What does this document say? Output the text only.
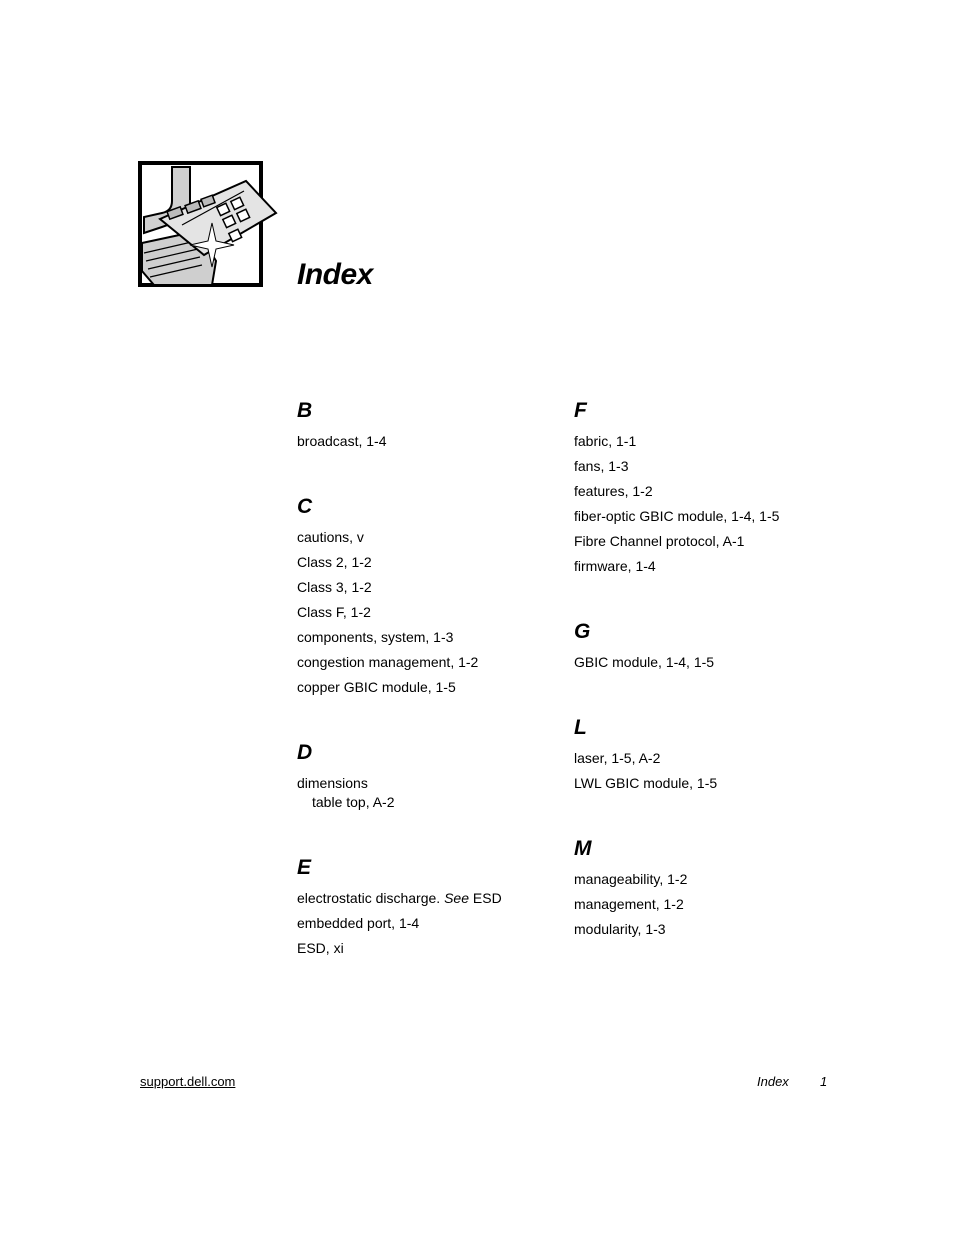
Index
B
broadcast, 1-4
C
cautions, v
Class 2, 1-2
Class 3, 1-2
Class F, 1-2
components, system, 1-3
congestion management, 1-2
copper GBIC module, 1-5
D
dimensions
table top, A-2
E
electrostatic discharge. See ESD
embedded port, 1-4
ESD, xi
F
fabric, 1-1
fans, 1-3
features, 1-2
fiber-optic GBIC module, 1-4, 1-5
Fibre Channel protocol, A-1
firmware, 1-4
G
GBIC module, 1-4, 1-5
L
laser, 1-5, A-2
LWL GBIC module, 1-5
M
manageability, 1-2
management, 1-2
modularity, 1-3
support.dell.com	Index 1
